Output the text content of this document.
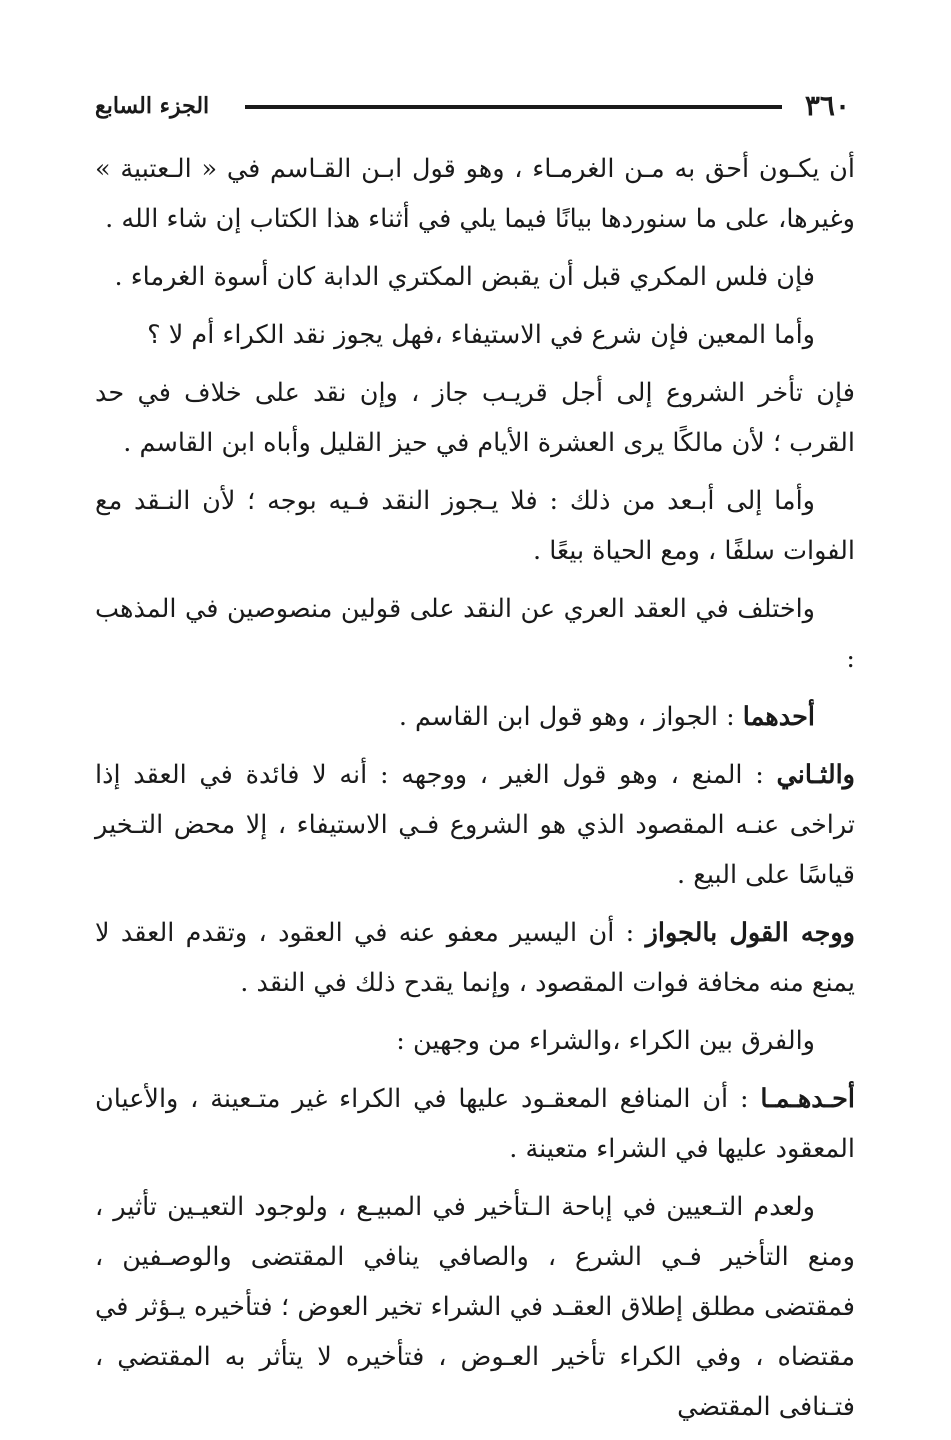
٣٦٠
الجزء السابع

أن يكـون أحق به مـن الغرمـاء ، وهو قول ابـن القـاسم في « الـعتبية » وغيرها، على ما سنوردها بيانًا فيما يلي في أثناء هذا الكتاب إن شاء الله .

فإن فلس المكري قبل أن يقبض المكتري الدابة كان أسوة الغرماء .

وأما المعين فإن شرع في الاستيفاء ،فهل يجوز نقد الكراء أم لا ؟

فإن تأخر الشروع إلى أجل قريـب جاز ، وإن نقد على خلاف في حد القرب ؛ لأن مالكًا يرى العشرة الأيام في حيز القليل وأباه ابن القاسم .

وأما إلى أبـعد من ذلك : فلا يـجوز النقد فـيه بوجه ؛ لأن النـقد مع الفوات سلفًا ، ومع الحياة بيعًا .

واختلف في العقد العري عن النقد على قولين منصوصين في المذهب :

أحدهما : الجواز ، وهو قول ابن القاسم .

والثـاني : المنع ، وهو قول الغير ، ووجهه : أنه لا فائدة في العقد إذا تراخى عنـه المقصود الذي هو الشروع فـي الاستيفاء ، إلا محض التـخير قياسًا على البيع .

ووجه القول بالجواز : أن اليسير معفو عنه في العقود ، وتقدم العقد لا يمنع منه مخافة فوات المقصود ، وإنما يقدح ذلك في النقد .

والفرق بين الكراء ،والشراء من وجهين :

أحـدهـمـا : أن المنافع المعقـود عليها في الكراء غير متـعينة ، والأعيان المعقود عليها في الشراء متعينة .

ولعدم التـعيين في إباحة الـتأخير في المبيـع ، ولوجود التعيـين تأثير ، ومنع التأخير فـي الشرع ، والصافي ينافي المقتضى والوصـفين ، فمقتضى مطلق إطلاق العقـد في الشراء تخير العوض ؛ فتأخيره يـؤثر في مقتضاه ، وفي الكراء تأخير العـوض ، فتأخيره لا يتأثر به المقتضي ، فتـنافى المقتضي
